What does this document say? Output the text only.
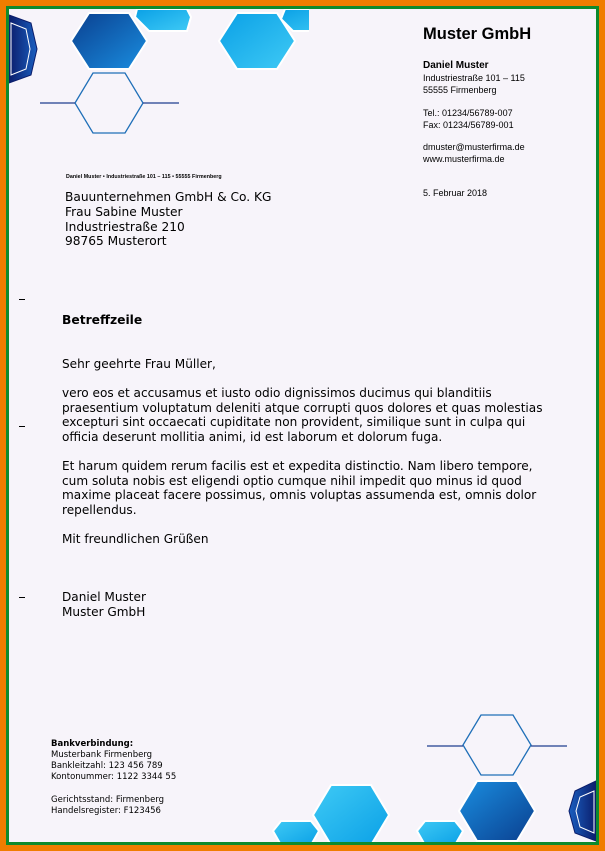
Muster GmbH
Daniel Muster
Industriestraße 101 – 115
55555 Firmenberg
Tel.: 01234/56789-007
Fax: 01234/56789-001
dmuster@musterfirma.de
www.musterfirma.de
5. Februar 2018
Daniel Muster • Industriestraße 101 – 115 • 55555 Firmenberg
Bauunternehmen GmbH & Co. KG
Frau Sabine Muster
Industriestraße 210
98765 Musterort
Betreffzeile
Sehr geehrte Frau Müller,
vero eos et accusamus et iusto odio dignissimos ducimus qui blanditiis praesentium voluptatum deleniti atque corrupti quos dolores et quas molestias excepturi sint occaecati cupiditate non provident, similique sunt in culpa qui officia deserunt mollitia animi, id est laborum et dolorum fuga.
Et harum quidem rerum facilis est et expedita distinctio. Nam libero tempore, cum soluta nobis est eligendi optio cumque nihil impedit quo minus id quod maxime placeat facere possimus, omnis voluptas assumenda est, omnis dolor repellendus.
Mit freundlichen Grüßen
Daniel Muster
Muster GmbH
Bankverbindung:
Musterbank Firmenberg
Bankleitzahl: 123 456 789
Kontonummer: 1122 3344 55
Gerichtsstand: Firmenberg
Handelsregister: F123456
